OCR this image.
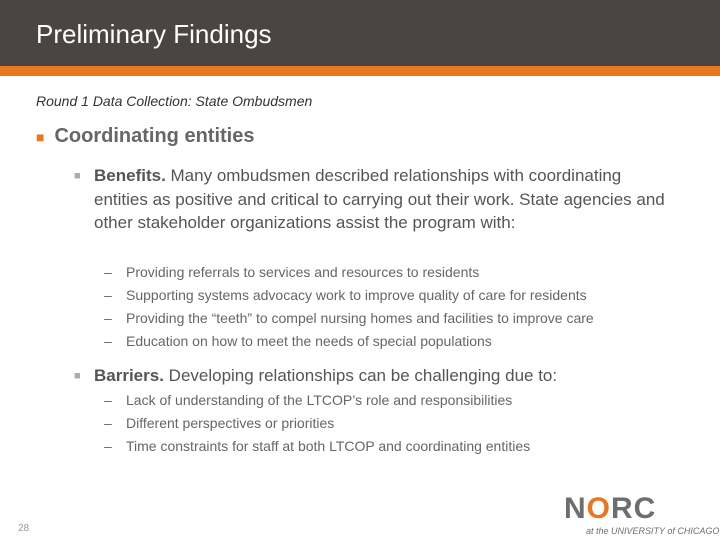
Preliminary Findings
Round 1 Data Collection: State Ombudsmen
■ Coordinating entities
■ Benefits. Many ombudsmen described relationships with coordinating entities as positive and critical to carrying out their work. State agencies and other stakeholder organizations assist the program with:
–	Providing referrals to services and resources to residents
–	Supporting systems advocacy work to improve quality of care for residents
–	Providing the “teeth” to compel nursing homes and facilities to improve care
–	Education on how to meet the needs of special populations
■ Barriers. Developing relationships can be challenging due to:
–	Lack of understanding of the LTCOP’s role and responsibilities
–	Different perspectives or priorities
–	Time constraints for staff at both LTCOP and coordinating entities
28
NORC
at the UNIVERSITY of CHICAGO
